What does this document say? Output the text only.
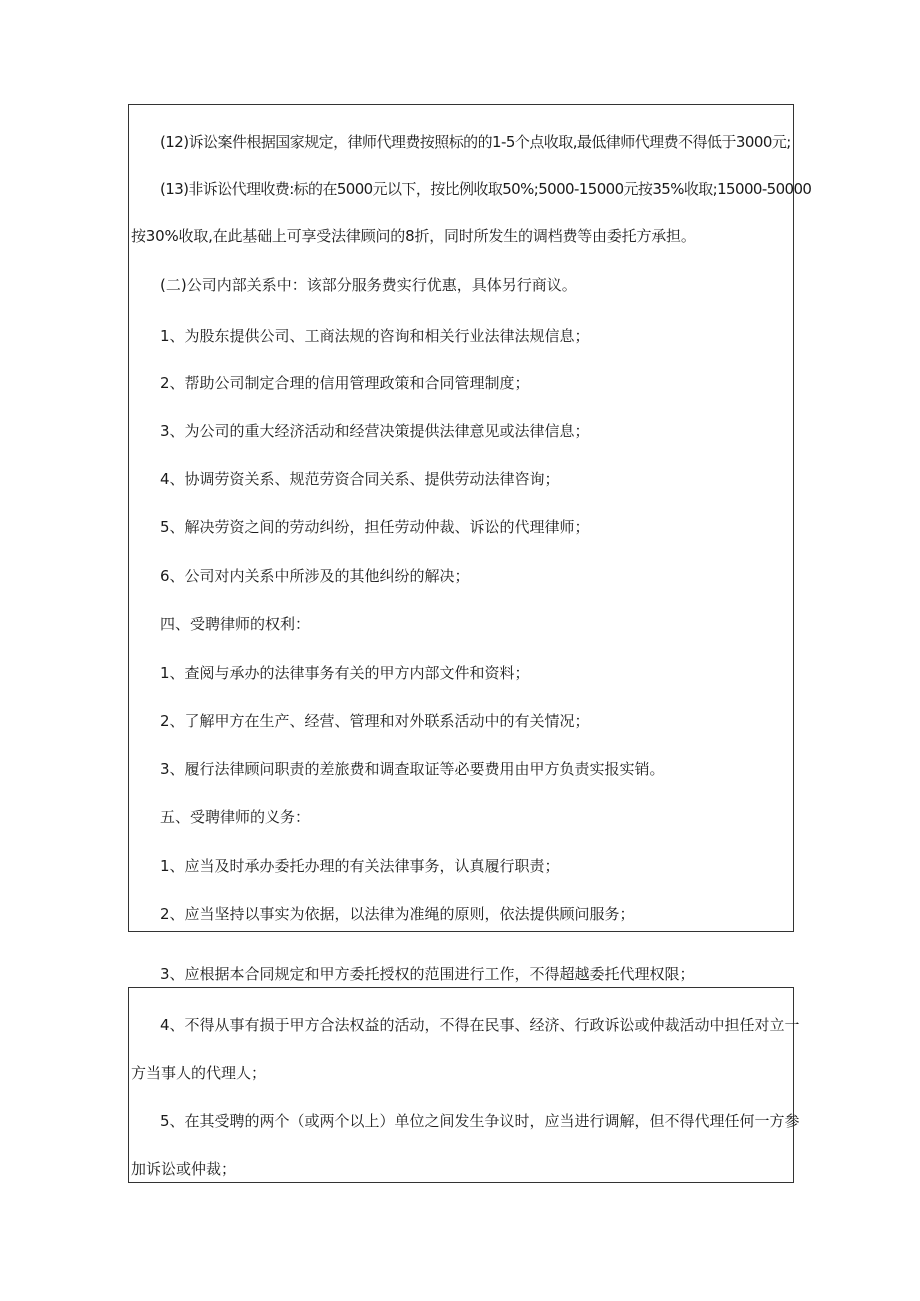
(12)诉讼案件根据国家规定，律师代理费按照标的的1-5个点收取,最低律师代理费不得低于3000元;
(13)非诉讼代理收费:标的在5000元以下，按比例收取50%;5000-15000元按35%收取;15000-50000
按30%收取,在此基础上可享受法律顾问的8折，同时所发生的调档费等由委托方承担。
(二)公司内部关系中：该部分服务费实行优惠，具体另行商议。
1、为股东提供公司、工商法规的咨询和相关行业法律法规信息；
2、帮助公司制定合理的信用管理政策和合同管理制度；
3、为公司的重大经济活动和经营决策提供法律意见或法律信息；
4、协调劳资关系、规范劳资合同关系、提供劳动法律咨询；
5、解决劳资之间的劳动纠纷，担任劳动仲裁、诉讼的代理律师；
6、公司对内关系中所涉及的其他纠纷的解决；
四、受聘律师的权利：
1、查阅与承办的法律事务有关的甲方内部文件和资料；
2、了解甲方在生产、经营、管理和对外联系活动中的有关情况；
3、履行法律顾问职责的差旅费和调查取证等必要费用由甲方负责实报实销。
五、受聘律师的义务：
1、应当及时承办委托办理的有关法律事务，认真履行职责；
2、应当坚持以事实为依据，以法律为准绳的原则，依法提供顾问服务；
3、应根据本合同规定和甲方委托授权的范围进行工作，不得超越委托代理权限；
4、不得从事有损于甲方合法权益的活动，不得在民事、经济、行政诉讼或仲裁活动中担任对立一
方当事人的代理人；
5、在其受聘的两个（或两个以上）单位之间发生争议时，应当进行调解，但不得代理任何一方参
加诉讼或仲裁；
